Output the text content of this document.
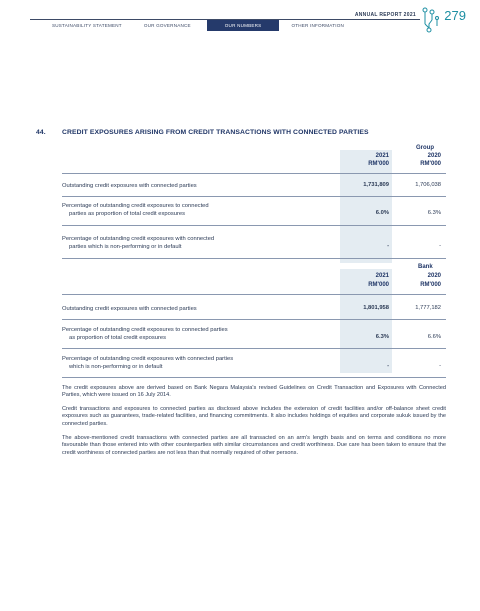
ANNUAL REPORT 2021 279
SUSTAINABILITY STATEMENT	OUR GOVERNANCE	OUR NUMBERS	OTHER INFORMATION
44. CREDIT EXPOSURES ARISING FROM CREDIT TRANSACTIONS WITH CONNECTED PARTIES
Group
2021	2020
RM'000	RM'000
Outstanding credit exposures with connected parties	1,731,809	1,706,038
Percentage of outstanding credit exposures to connected
parties as proportion of total credit exposures	6.0%	6.3%
Percentage of outstanding credit exposures with connected
parties which is non-performing or in default	-	-
Bank
2021	2020
RM'000	RM'000
Outstanding credit exposures with connected parties	1,801,958	1,777,182
Percentage of outstanding credit exposures to connected parties
as proportion of total credit exposures	6.3%	6.6%
Percentage of outstanding credit exposures with connected parties
which is non-performing or in default	-	-
The credit exposures above are derived based on Bank Negara Malaysia's revised Guidelines on Credit Transaction and Exposures with Connected Parties, which were issued on 16 July 2014.
Credit transactions and exposures to connected parties as disclosed above includes the extension of credit facilities and/or off-balance sheet credit exposures such as guarantees, trade-related facilities, and financing commitments. It also includes holdings of equities and corporate sukuk issued by the connected parties.
The above-mentioned credit transactions with connected parties are all transacted on an arm's length basis and on terms and conditions no more favourable than those entered into with other counterparties with similar circumstances and credit worthiness. Due care has been taken to ensure that the credit worthiness of connected parties are not less than that normally required of other persons.
